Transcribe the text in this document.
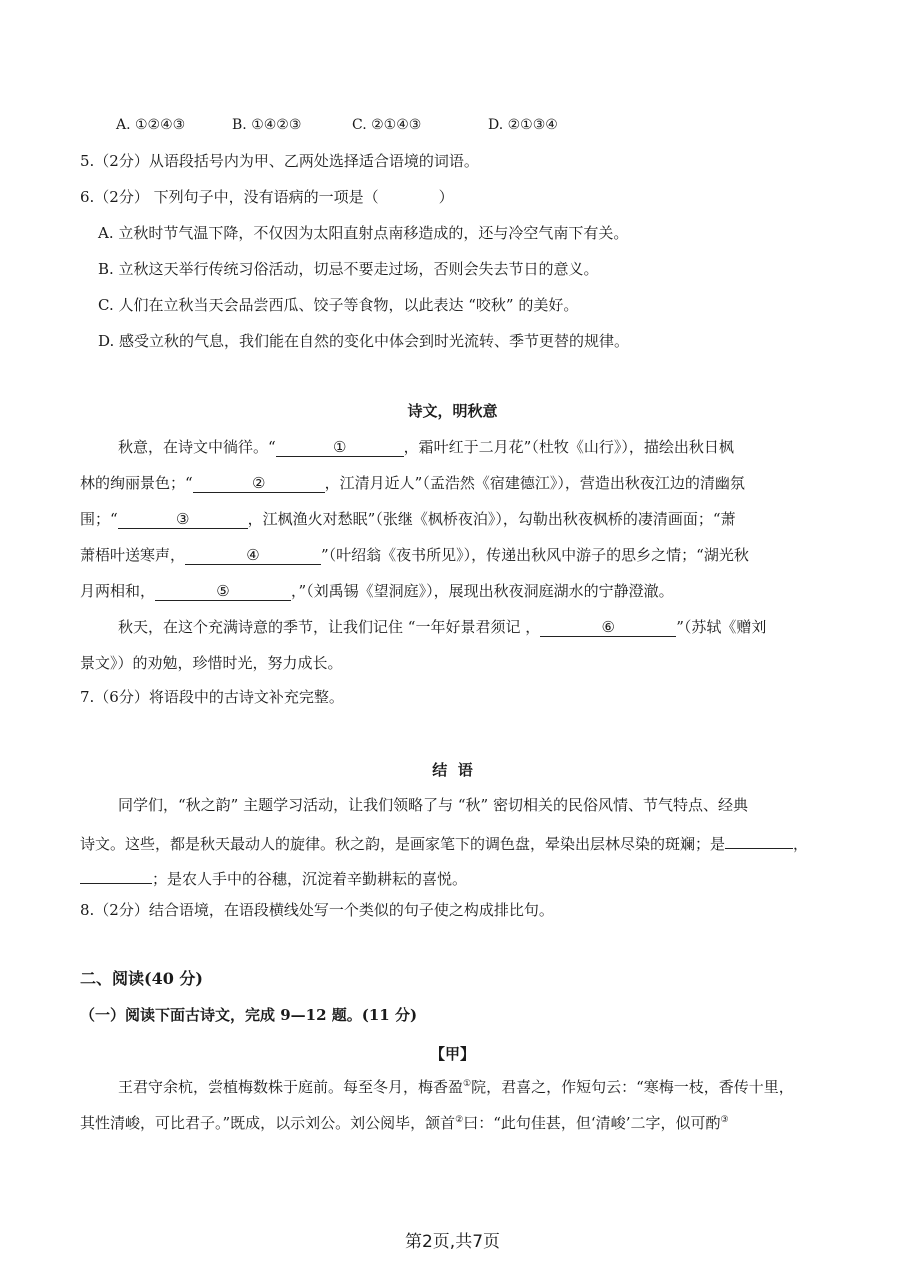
A. ①②④③	B. ①④②③	C. ②①④③	D. ②①③④
5.（2分）从语段括号内为甲、乙两处选择适合语境的词语。
6.（2分） 下列句子中，没有语病的一项是（　　　　）
A. 立秋时节气温下降，不仅因为太阳直射点南移造成的，还与冷空气南下有关。
B. 立秋这天举行传统习俗活动，切忌不要走过场，否则会失去节日的意义。
C. 人们在立秋当天会品尝西瓜、饺子等食物，以此表达 “咬秋” 的美好。
D. 感受立秋的气息，我们能在自然的变化中体会到时光流转、季节更替的规律。
诗文，明秋意
秋意，在诗文中徜徉。“	①	，霜叶红于二月花”（杜牧《山行》），描绘出秋日枫
林的绚丽景色；“	②	，江清月近人”（孟浩然《宿建德江》），营造出秋夜江边的清幽氛
围；“	③	，江枫渔火对愁眠”（张继《枫桥夜泊》），勾勒出秋夜枫桥的凄清画面；“萧
萧梧叶送寒声，	④	”（叶绍翁《夜书所见》），传递出秋风中游子的思乡之情；“湖光秋
月两相和，	⑤	，”（刘禹锡《望洞庭》），展现出秋夜洞庭湖水的宁静澄澈。
秋天，在这个充满诗意的季节，让我们记住 “一年好景君须记 ，	⑥	”（苏轼《赠刘
景文》）的劝勉，珍惜时光，努力成长。
7.（6分）将语段中的古诗文补充完整。
结  语
同学们，“秋之韵” 主题学习活动，让我们领略了与 “秋” 密切相关的民俗风情、节气特点、经典
诗文。这些，都是秋天最动人的旋律。秋之韵，是画家笔下的调色盘，晕染出层林尽染的斑斓；是	，
；是农人手中的谷穗，沉淀着辛勤耕耘的喜悦。
8.（2分）结合语境，在语段横线处写一个类似的句子使之构成排比句。
二、阅读(40 分)
（一）阅读下面古诗文，完成 9—12 题。(11 分)
【甲】
王君守余杭，尝植梅数株于庭前。每至冬月，梅香盈①院，君喜之，作短句云：“寒梅一枝，香传十里，
其性清峻，可比君子。”既成，以示刘公。刘公阅毕，颔首②曰：“此句佳甚，但‘清峻’二字，似可酌③
第2页,共7页
